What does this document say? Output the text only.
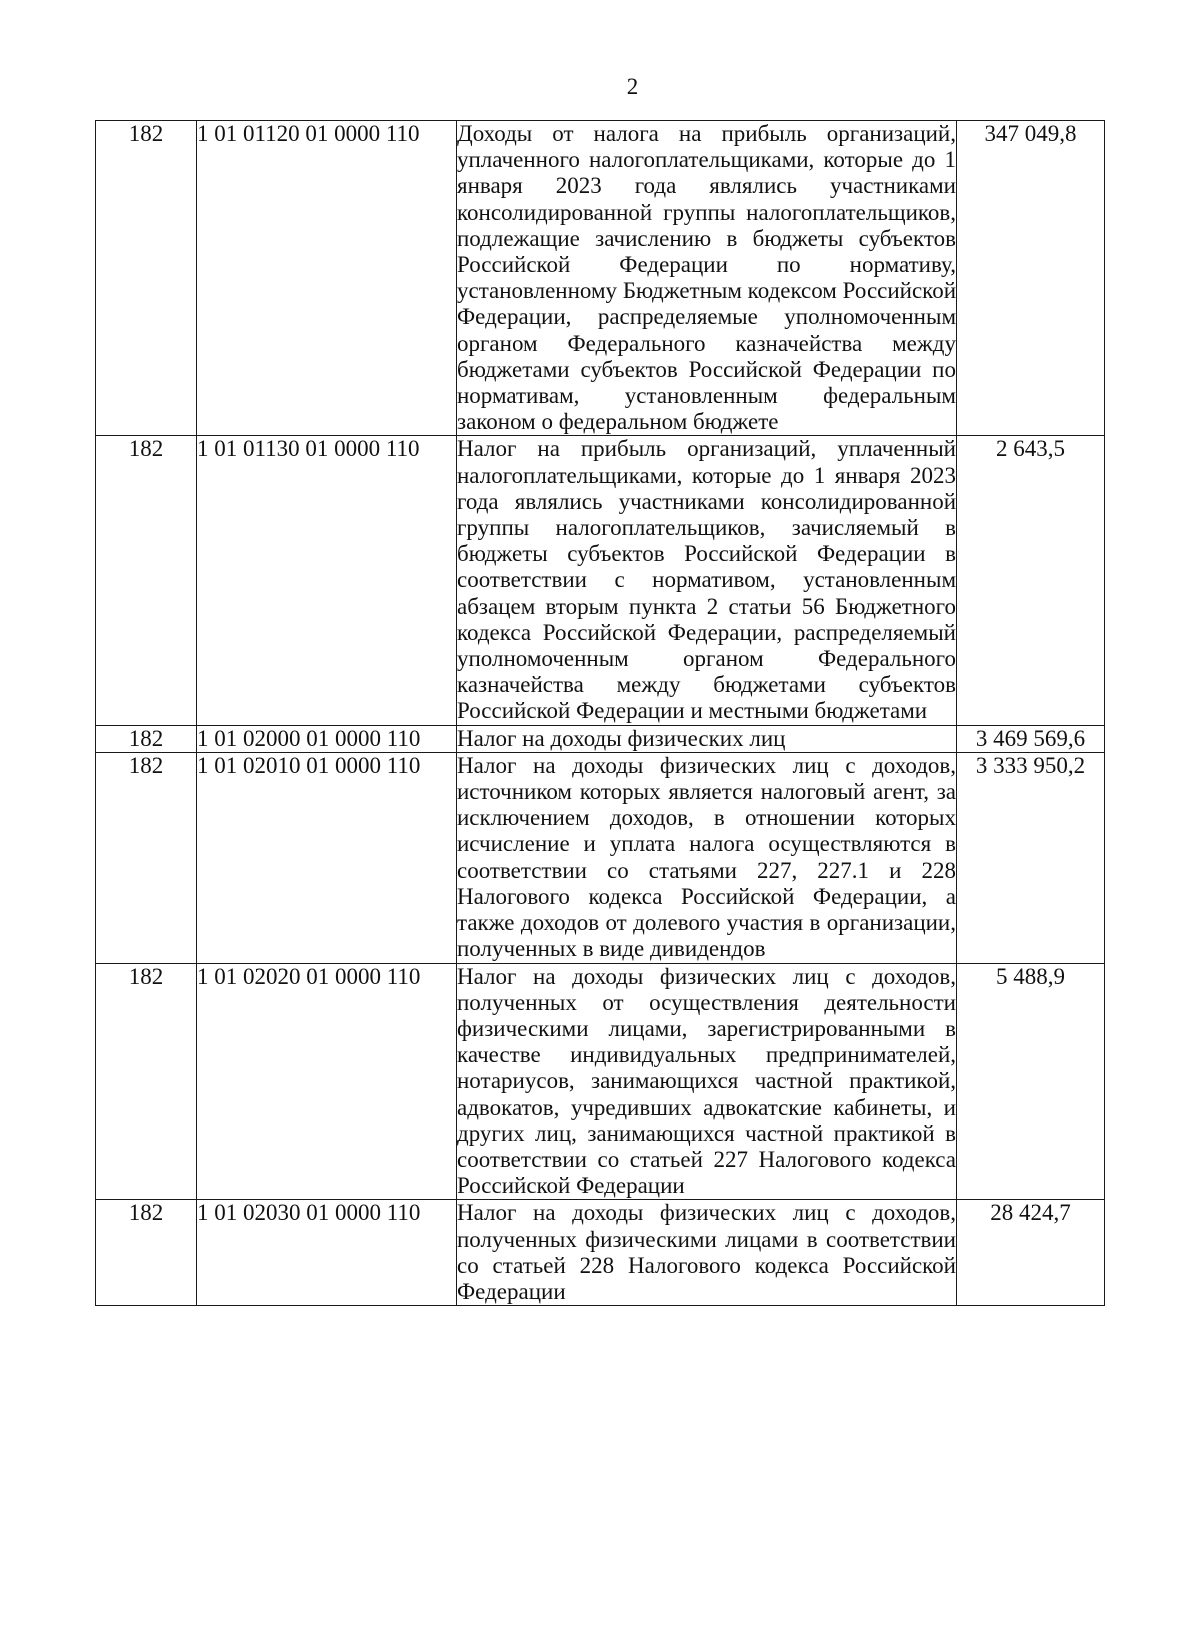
2
182	1 01 01120 01 0000 110	Доходы от налога на прибыль организаций, уплаченного налогоплательщиками, которые до 1 января 2023 года являлись участниками консолидированной группы налогоплательщиков, подлежащие зачислению в бюджеты субъектов Российской Федерации по нормативу, установленному Бюджетным кодексом Российской Федерации, распределяемые уполномоченным органом Федерального казначейства между бюджетами субъектов Российской Федерации по нормативам, установленным федеральным законом о федеральном бюджете	347 049,8
182	1 01 01130 01 0000 110	Налог на прибыль организаций, уплаченный налогоплательщиками, которые до 1 января 2023 года являлись участниками консолидированной группы налогоплательщиков, зачисляемый в бюджеты субъектов Российской Федерации в соответствии с нормативом, установленным абзацем вторым пункта 2 статьи 56 Бюджетного кодекса Российской Федерации, распределяемый уполномоченным органом Федерального казначейства между бюджетами субъектов Российской Федерации и местными бюджетами	2 643,5
182	1 01 02000 01 0000 110	Налог на доходы физических лиц	3 469 569,6
182	1 01 02010 01 0000 110	Налог на доходы физических лиц с доходов, источником которых является налоговый агент, за исключением доходов, в отношении которых исчисление и уплата налога осуществляются в соответствии со статьями 227, 227.1 и 228 Налогового кодекса Российской Федерации, а также доходов от долевого участия в организации, полученных в виде дивидендов	3 333 950,2
182	1 01 02020 01 0000 110	Налог на доходы физических лиц с доходов, полученных от осуществления деятельности физическими лицами, зарегистрированными в качестве индивидуальных предпринимателей, нотариусов, занимающихся частной практикой, адвокатов, учредивших адвокатские кабинеты, и других лиц, занимающихся частной практикой в соответствии со статьей 227 Налогового кодекса Российской Федерации	5 488,9
182	1 01 02030 01 0000 110	Налог на доходы физических лиц с доходов, полученных физическими лицами в соответствии со статьей 228 Налогового кодекса Российской Федерации	28 424,7
